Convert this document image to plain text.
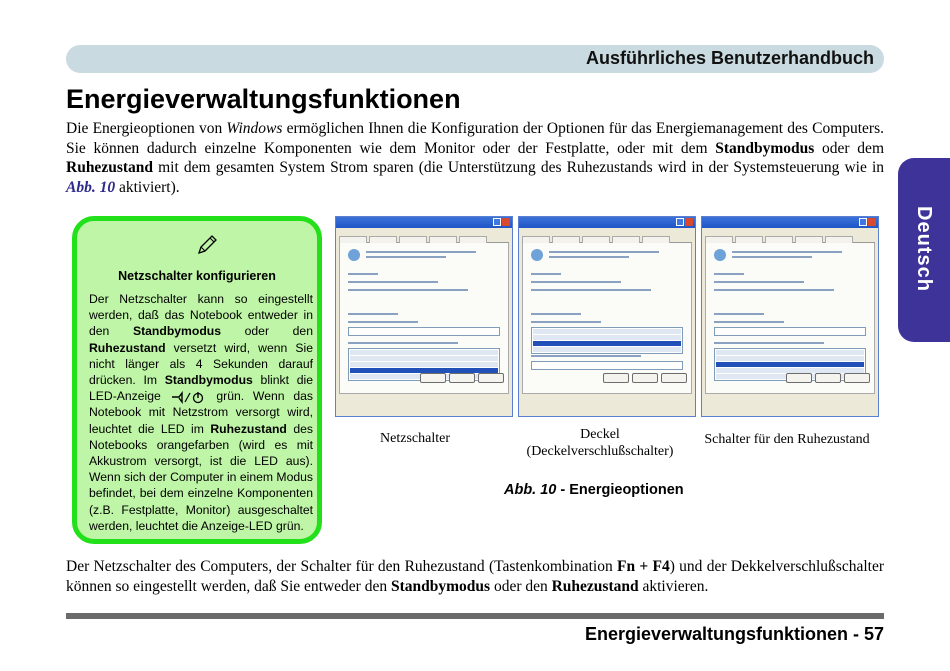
Ausführliches Benutzerhandbuch
Deutsch
Energieverwaltungsfunktionen

Die Energieoptionen von Windows ermöglichen Ihnen die Konfiguration der Optionen für das Energiemanagement des Computers. Sie können dadurch einzelne Komponenten wie dem Monitor oder der Festplatte, oder mit dem Standbymodus oder dem Ruhezustand mit dem gesamten System Strom sparen (die Unterstützung des Ruhezustands wird in der Systemsteuerung wie in Abb. 10 aktiviert).

Netzschalter konfigurieren

Der Netzschalter kann so eingestellt werden, daß das Notebook entweder in den Standbymodus oder den Ruhezustand versetzt wird, wenn Sie nicht länger als 4 Sekunden darauf drücken. Im Standbymodus blinkt die LED-Anzeige	grün. Wenn das Notebook mit Netzstrom versorgt wird, leuchtet die LED im Ruhezustand des Notebooks orangefarben (wird es mit Akkustrom versorgt, ist die LED aus). Wenn sich der Computer in einem Modus befindet, bei dem einzelne Komponenten (z.B. Festplatte, Monitor) ausgeschaltet werden, leuchtet die Anzeige-LED grün.

Netzschalter	Deckel
(Deckelverschlußschalter)
Schalter für den Ruhezustand
Abb. 10 - Energieoptionen

Der Netzschalter des Computers, der Schalter für den Ruhezustand (Tastenkombination Fn + F4) und der Dekkelverschlußschalter können so eingestellt werden, daß Sie entweder den Standbymodus oder den Ruhezustand aktivieren.

Energieverwaltungsfunktionen - 57
